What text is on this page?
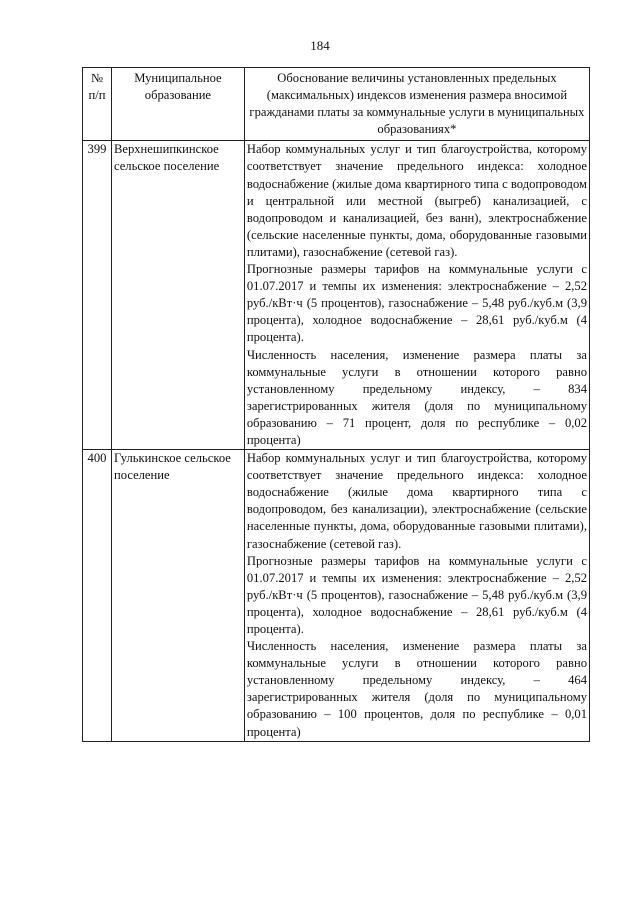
184
№ п/п	Муниципальное образование	Обоснование величины установленных предельных (максимальных) индексов изменения размера вносимой гражданами платы за коммунальные услуги в муниципальных образованиях*
399	Верхнешипкинское сельское поселение	Набор коммунальных услуг и тип благоустройства, которому соответствует значение предельного индекса: холодное водоснабжение (жилые дома квартирного типа с водопроводом и центральной или местной (выгреб) канализацией, с водопроводом и канализацией, без ванн), электроснабжение (сельские населенные пункты, дома, оборудованные газовыми плитами), газоснабжение (сетевой газ).

Прогнозные размеры тарифов на коммунальные услуги с 01.07.2017 и темпы их изменения: электроснабжение – 2,52 руб./кВт·ч (5 процентов), газоснабжение – 5,48 руб./куб.м (3,9 процента), холодное водоснабжение – 28,61 руб./куб.м (4 процента).

Численность населения, изменение размера платы за коммунальные услуги в отношении которого равно установленному предельному индексу, – 834 зарегистрированных жителя (доля по муниципальному образованию – 71 процент, доля по республике – 0,02 процента)

400	Гулькинское сельское поселение	Набор коммунальных услуг и тип благоустройства, которому соответствует значение предельного индекса: холодное водоснабжение (жилые дома квартирного типа с водопроводом, без канализации), электроснабжение (сельские населенные пункты, дома, оборудованные газовыми плитами), газоснабжение (сетевой газ).

Прогнозные размеры тарифов на коммунальные услуги с 01.07.2017 и темпы их изменения: электроснабжение – 2,52 руб./кВт·ч (5 процентов), газоснабжение – 5,48 руб./куб.м (3,9 процента), холодное водоснабжение – 28,61 руб./куб.м (4 процента).

Численность населения, изменение размера платы за коммунальные услуги в отношении которого равно установленному предельному индексу, – 464 зарегистрированных жителя (доля по муниципальному образованию – 100 процентов, доля по республике – 0,01 процента)
